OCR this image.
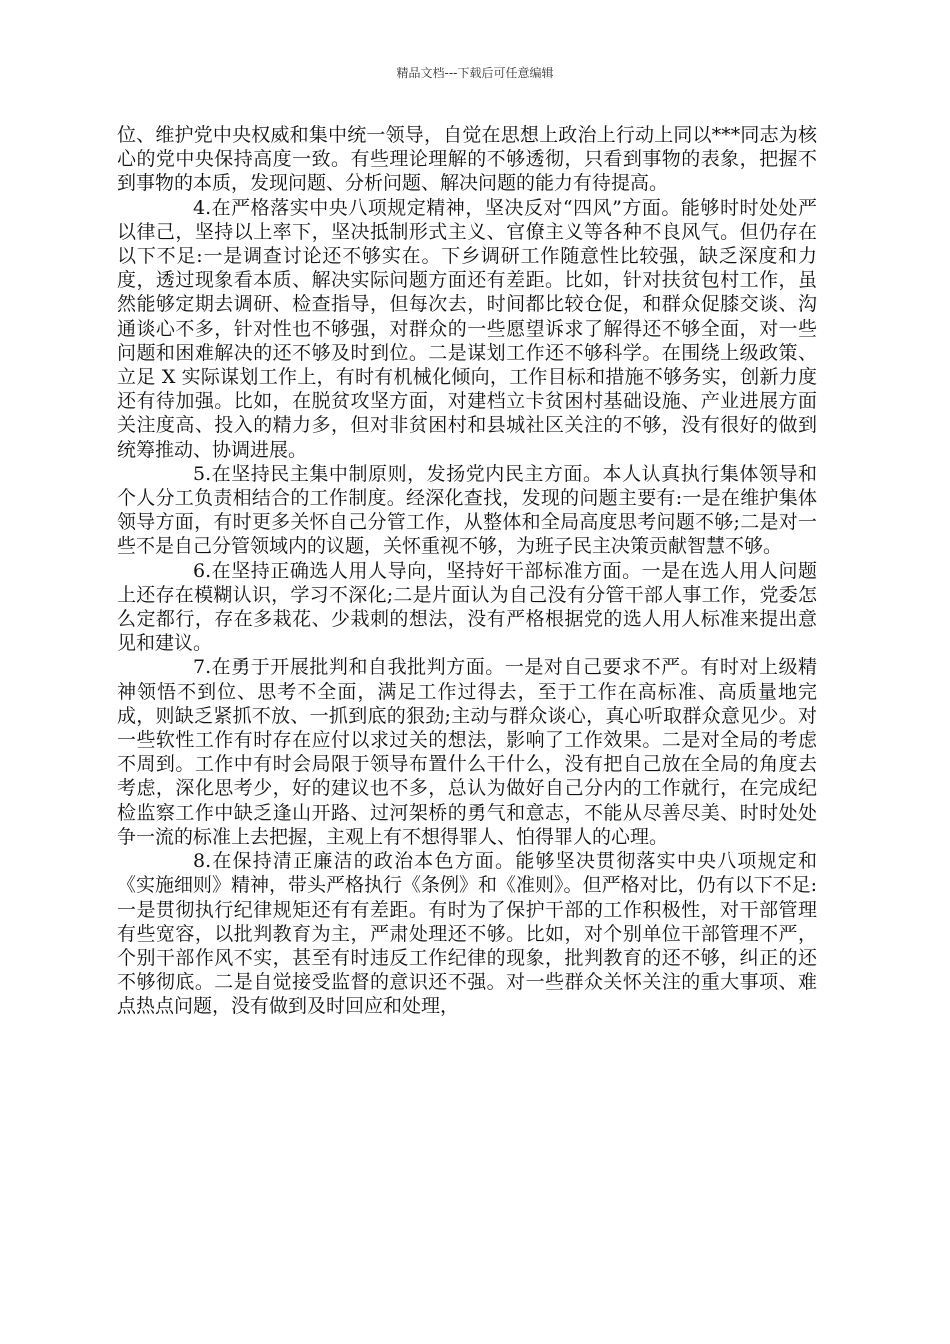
精品文档---下载后可任意编辑

位、维护党中央权威和集中统一领导，自觉在思想上政治上行动上同以***同志为核心的党中央保持高度一致。有些理论理解的不够透彻，只看到事物的表象，把握不到事物的本质，发现问题、分析问题、解决问题的能力有待提高。

4.在严格落实中央八项规定精神，坚决反对“四风”方面。能够时时处处严以律己，坚持以上率下，坚决抵制形式主义、官僚主义等各种不良风气。但仍存在以下不足:一是调查讨论还不够实在。下乡调研工作随意性比较强，缺乏深度和力度，透过现象看本质、解决实际问题方面还有差距。比如，针对扶贫包村工作，虽然能够定期去调研、检查指导，但每次去，时间都比较仓促，和群众促膝交谈、沟通谈心不多，针对性也不够强，对群众的一些愿望诉求了解得还不够全面，对一些问题和困难解决的还不够及时到位。二是谋划工作还不够科学。在围绕上级政策、立足 X 实际谋划工作上，有时有机械化倾向，工作目标和措施不够务实，创新力度还有待加强。比如，在脱贫攻坚方面，对建档立卡贫困村基础设施、产业进展方面关注度高、投入的精力多，但对非贫困村和县城社区关注的不够，没有很好的做到统筹推动、协调进展。

5.在坚持民主集中制原则，发扬党内民主方面。本人认真执行集体领导和个人分工负责相结合的工作制度。经深化查找，发现的问题主要有:一是在维护集体领导方面，有时更多关怀自己分管工作，从整体和全局高度思考问题不够;二是对一些不是自己分管领域内的议题，关怀重视不够，为班子民主决策贡献智慧不够。

6.在坚持正确选人用人导向，坚持好干部标准方面。一是在选人用人问题上还存在模糊认识，学习不深化;二是片面认为自己没有分管干部人事工作，党委怎么定都行，存在多栽花、少栽刺的想法，没有严格根据党的选人用人标准来提出意见和建议。

7.在勇于开展批判和自我批判方面。一是对自己要求不严。有时对上级精神领悟不到位、思考不全面，满足工作过得去，至于工作在高标准、高质量地完成，则缺乏紧抓不放、一抓到底的狠劲;主动与群众谈心，真心听取群众意见少。对一些软性工作有时存在应付以求过关的想法，影响了工作效果。二是对全局的考虑不周到。工作中有时会局限于领导布置什么干什么，没有把自己放在全局的角度去考虑，深化思考少，好的建议也不多，总认为做好自己分内的工作就行，在完成纪检监察工作中缺乏逢山开路、过河架桥的勇气和意志，不能从尽善尽美、时时处处争一流的标准上去把握，主观上有不想得罪人、怕得罪人的心理。

8.在保持清正廉洁的政治本色方面。能够坚决贯彻落实中央八项规定和《实施细则》精神，带头严格执行《条例》和《准则》。但严格对比，仍有以下不足:一是贯彻执行纪律规矩还有有差距。有时为了保护干部的工作积极性，对干部管理有些宽容，以批判教育为主，严肃处理还不够。比如，对个别单位干部管理不严，个别干部作风不实，甚至有时违反工作纪律的现象，批判教育的还不够，纠正的还不够彻底。二是自觉接受监督的意识还不强。对一些群众关怀关注的重大事项、难点热点问题，没有做到及时回应和处理，
